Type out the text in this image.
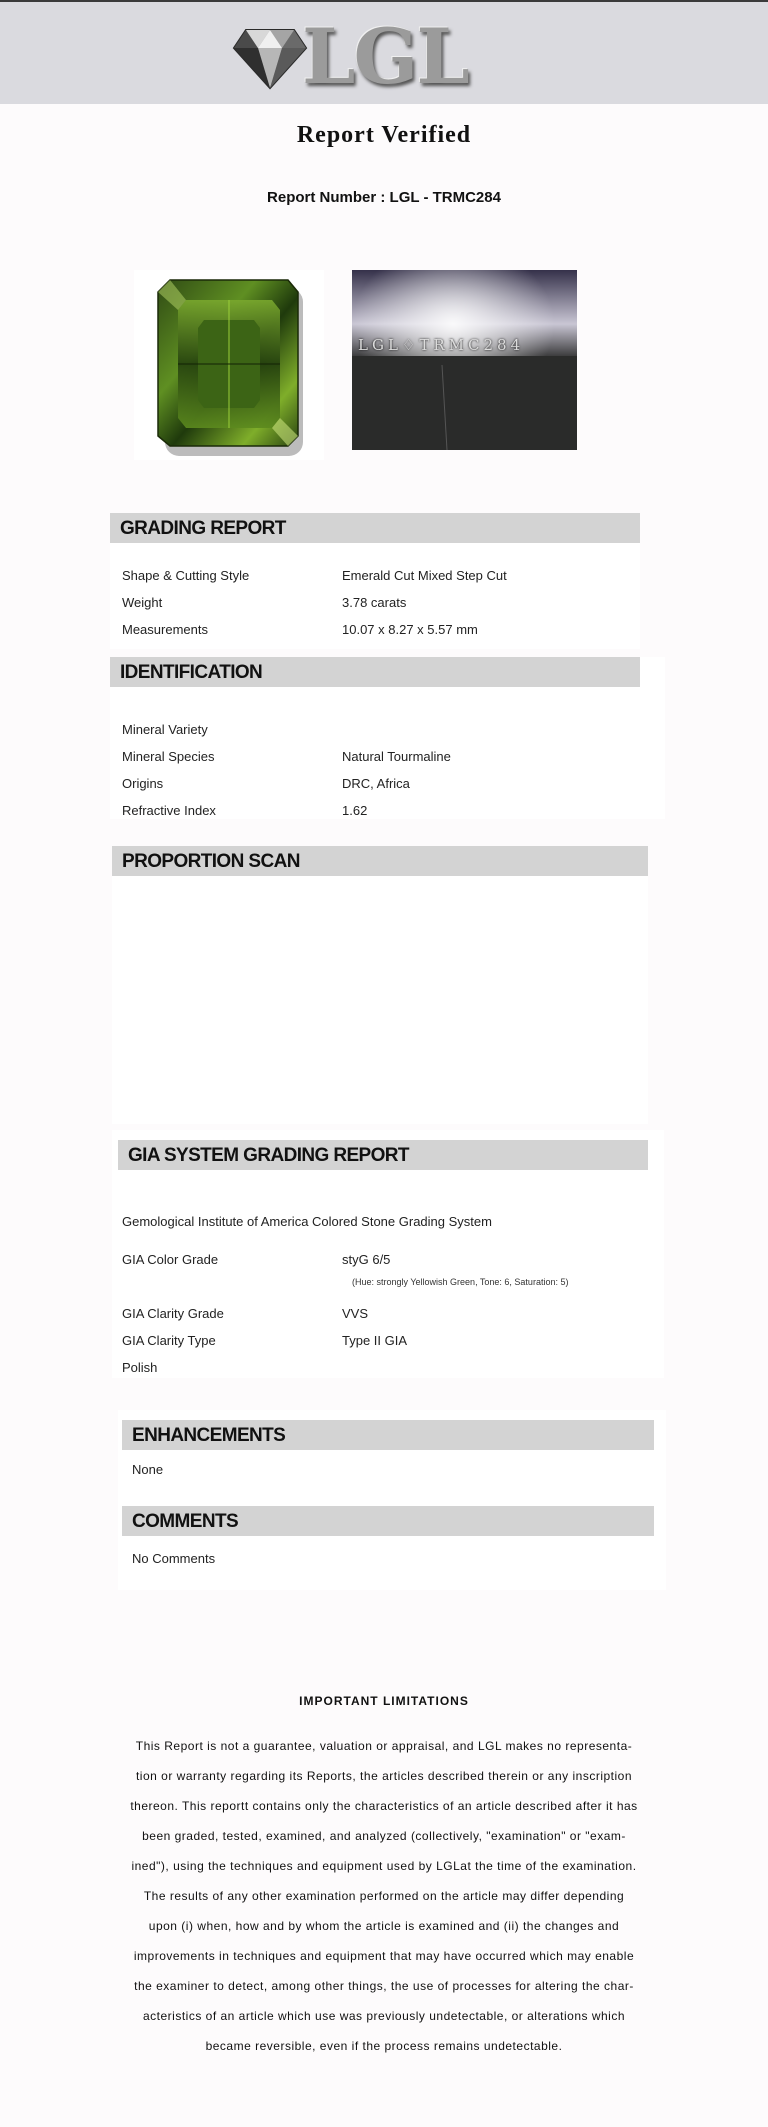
LGL
Report Verified
Report Number : LGL - TRMC284
LGL♢TRMC284
GRADING REPORT
Shape & Cutting Style	Emerald Cut Mixed Step Cut
Weight	3.78 carats
Measurements	10.07 x 8.27 x 5.57 mm
IDENTIFICATION
Mineral Variety
Mineral Species	Natural Tourmaline
Origins	DRC, Africa
Refractive Index	1.62
PROPORTION SCAN
GIA SYSTEM GRADING REPORT
Gemological Institute of America Colored Stone Grading System
GIA Color Grade	styG 6/5
(Hue: strongly Yellowish Green, Tone: 6, Saturation: 5)
GIA Clarity Grade	VVS
GIA Clarity Type	Type II GIA
Polish
ENHANCEMENTS
None
COMMENTS
No Comments
IMPORTANT LIMITATIONS
This Report is not a guarantee, valuation or appraisal, and LGL makes no representa-
tion or warranty regarding its Reports, the articles described therein or any inscription
thereon. This reportt contains only the characteristics of an article described after it has
been graded, tested, examined, and analyzed (collectively, "examination" or "exam-
ined"), using the techniques and equipment used by LGLat the time of the examination.
The results of any other examination performed on the article may differ depending
upon (i) when, how and by whom the article is examined and (ii) the changes and
improvements in techniques and equipment that may have occurred which may enable
the examiner to detect, among other things, the use of processes for altering the char-
acteristics of an article which use was previously undetectable, or alterations which
became reversible, even if the process remains undetectable.
